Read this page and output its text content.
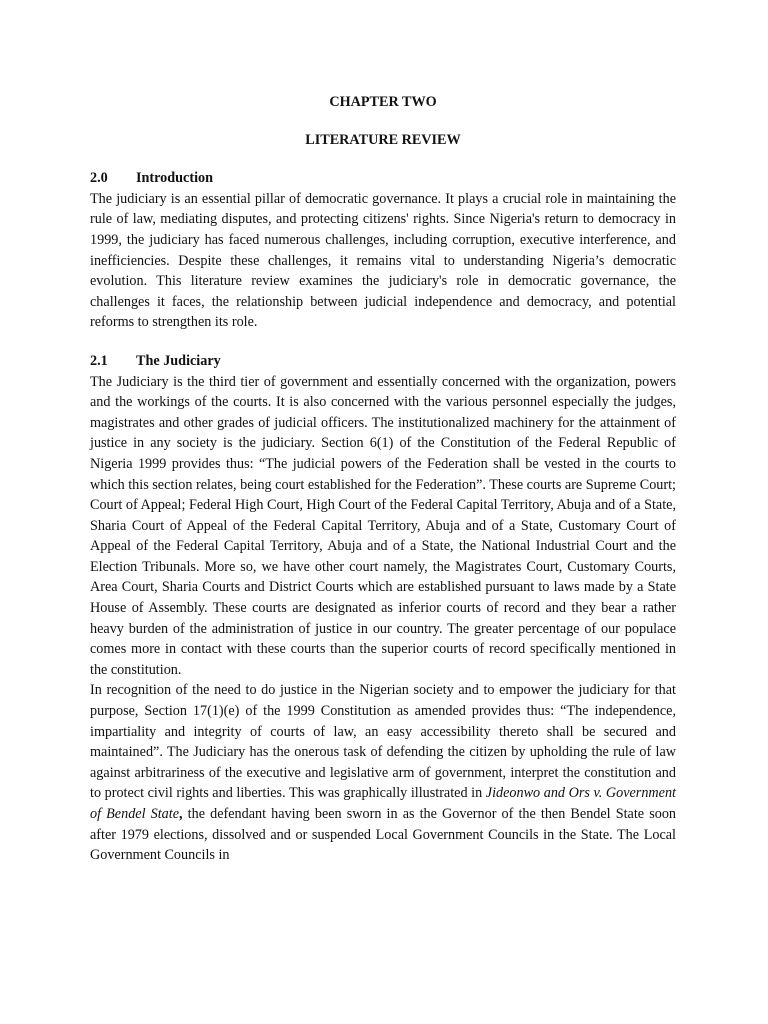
CHAPTER TWO
LITERATURE REVIEW
2.0	Introduction

The judiciary is an essential pillar of democratic governance. It plays a crucial role in maintaining the rule of law, mediating disputes, and protecting citizens' rights. Since Nigeria's return to democracy in 1999, the judiciary has faced numerous challenges, including corruption, executive interference, and inefficiencies. Despite these challenges, it remains vital to understanding Nigeria’s democratic evolution. This literature review examines the judiciary's role in democratic governance, the challenges it faces, the relationship between judicial independence and democracy, and potential reforms to strengthen its role.

2.1	The Judiciary

The Judiciary is the third tier of government and essentially concerned with the organization, powers and the workings of the courts. It is also concerned with the various personnel especially the judges, magistrates and other grades of judicial officers. The institutionalized machinery for the attainment of justice in any society is the judiciary. Section 6(1) of the Constitution of the Federal Republic of Nigeria 1999 provides thus: “The judicial powers of the Federation shall be vested in the courts to which this section relates, being court established for the Federation”. These courts are Supreme Court; Court of Appeal; Federal High Court, High Court of the Federal Capital Territory, Abuja and of a State, Sharia Court of Appeal of the Federal Capital Territory, Abuja and of a State, Customary Court of Appeal of the Federal Capital Territory, Abuja and of a State, the National Industrial Court and the Election Tribunals. More so, we have other court namely, the Magistrates Court, Customary Courts, Area Court, Sharia Courts and District Courts which are established pursuant to laws made by a State House of Assembly. These courts are designated as inferior courts of record and they bear a rather heavy burden of the administration of justice in our country. The greater percentage of our populace comes more in contact with these courts than the superior courts of record specifically mentioned in the constitution.

In recognition of the need to do justice in the Nigerian society and to empower the judiciary for that purpose, Section 17(1)(e) of the 1999 Constitution as amended provides thus: “The independence, impartiality and integrity of courts of law, an easy accessibility thereto shall be secured and maintained”. The Judiciary has the onerous task of defending the citizen by upholding the rule of law against arbitrariness of the executive and legislative arm of government, interpret the constitution and to protect civil rights and liberties. This was graphically illustrated in Jideonwo and Ors v. Government of Bendel State, the defendant having been sworn in as the Governor of the then Bendel State soon after 1979 elections, dissolved and or suspended Local Government Councils in the State. The Local Government Councils in
